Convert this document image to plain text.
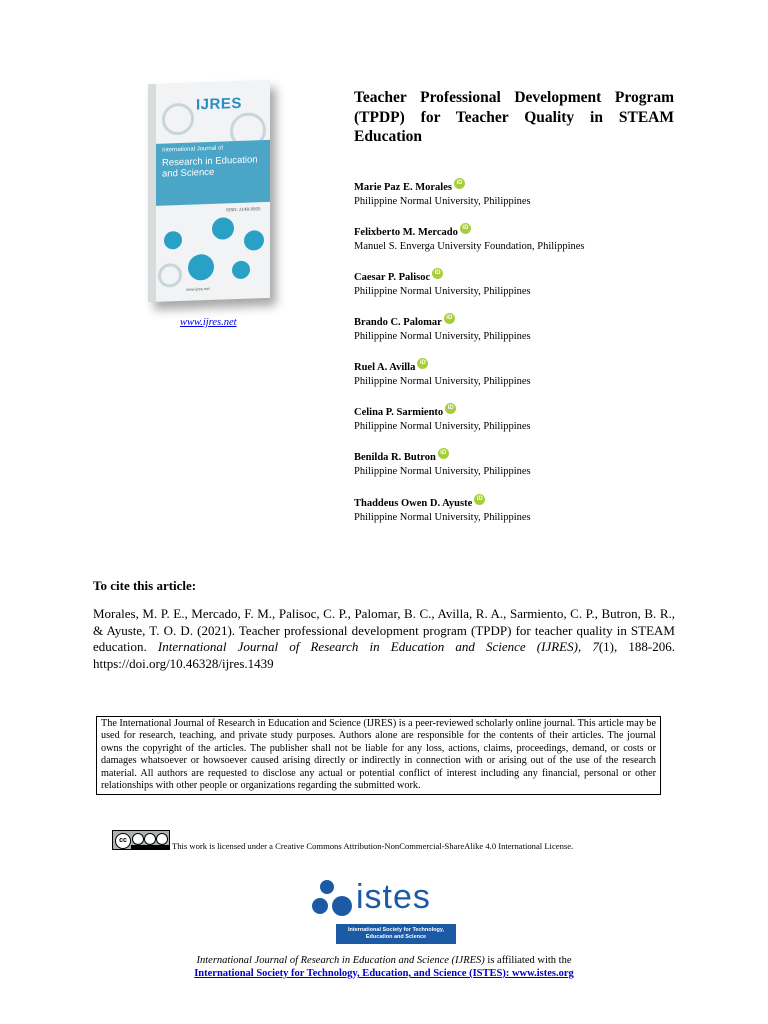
IJRES
International Journal of
Research in Education and Science
ISSN: 2148-9955
www.ijres.net
www.ijres.net
Teacher Professional Development Program (TPDP) for Teacher Quality in STEAM Education
Marie Paz E. Morales iD
Philippine Normal University, Philippines
Felixberto M. Mercado iD
Manuel S. Enverga University Foundation, Philippines
Caesar P. Palisoc iD
Philippine Normal University, Philippines
Brando C. Palomar iD
Philippine Normal University, Philippines
Ruel A. Avilla iD
Philippine Normal University, Philippines
Celina P. Sarmiento iD
Philippine Normal University, Philippines
Benilda R. Butron iD
Philippine Normal University, Philippines
Thaddeus Owen D. Ayuste iD
Philippine Normal University, Philippines
To cite this article:
Morales, M. P. E., Mercado, F. M., Palisoc, C. P., Palomar, B. C., Avilla, R. A., Sarmiento, C. P., Butron, B. R., & Ayuste, T. O. D. (2021). Teacher professional development program (TPDP) for teacher quality in STEAM education. International Journal of Research in Education and Science (IJRES), 7(1), 188-206. https://doi.org/10.46328/ijres.1439
The International Journal of Research in Education and Science (IJRES) is a peer-reviewed scholarly online journal. This article may be used for research, teaching, and private study purposes. Authors alone are responsible for the contents of their articles. The journal owns the copyright of the articles. The publisher shall not be liable for any loss, actions, claims, proceedings, demand, or costs or damages whatsoever or howsoever caused arising directly or indirectly in connection with or arising out of the use of the research material. All authors are requested to disclose any actual or potential conflict of interest including any financial, personal or other relationships with other people or organizations regarding the submitted work.
cc
This work is licensed under a Creative Commons Attribution-NonCommercial-ShareAlike 4.0 International License.
istes
International Society for Technology, Education and Science
International Journal of Research in Education and Science (IJRES) is affiliated with the
International Society for Technology, Education, and Science (ISTES): www.istes.org
